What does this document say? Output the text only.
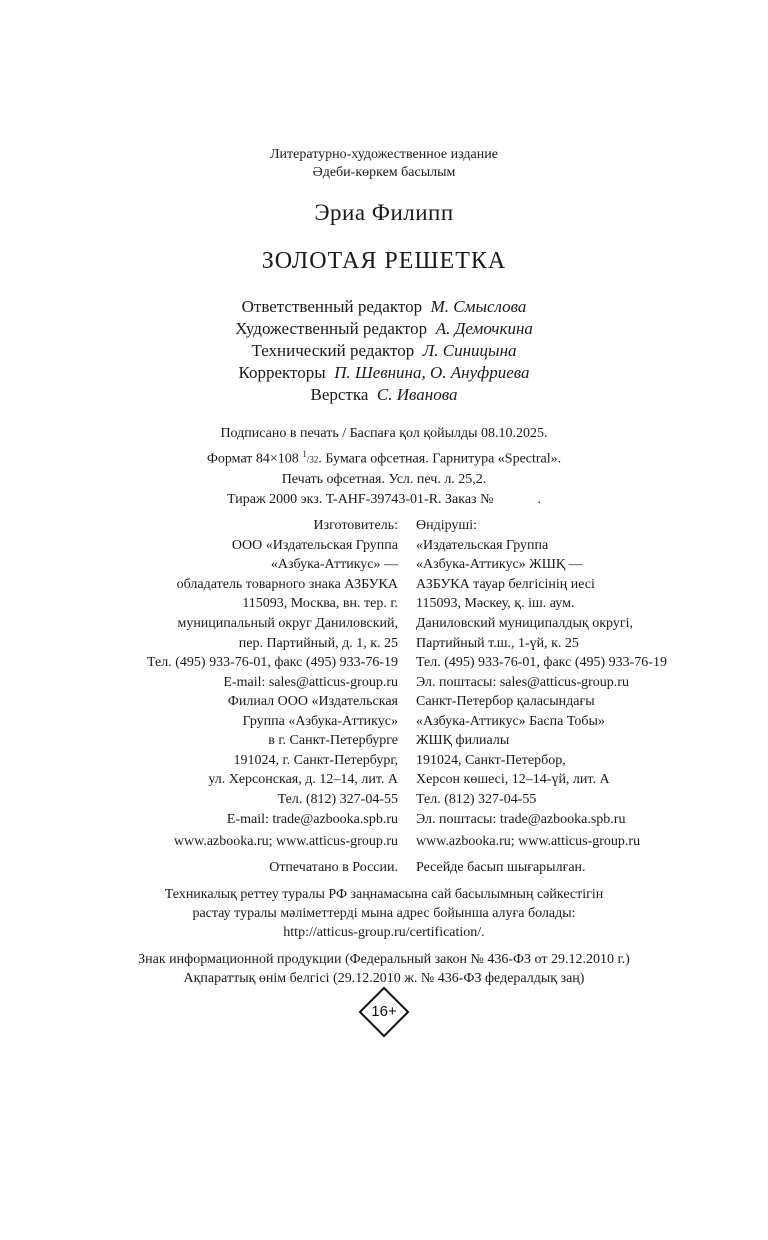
Литературно-художественное издание
Әдеби-көркем басылым
Эриа Филипп
ЗОЛОТАЯ РЕШЕТКА
Ответственный редактор М. Смыслова
Художественный редактор А. Демочкина
Технический редактор Л. Синицына
Корректоры П. Шевнина, О. Ануфриева
Верстка С. Иванова
Подписано в печать / Баспаға қол қойылды 08.10.2025.
Формат 84×108 $^1$/32. Бумага офсетная. Гарнитура «Spectral».
Печать офсетная. Усл. печ. л. 25,2.
Тираж 2000 экз. T-AHF-39743-01-R. Заказ №	.
Изготовитель:
ООО «Издательская Группа
«Азбука-Аттикус» —
обладатель товарного знака АЗБУКА
115093, Москва, вн. тер. г.
муниципальный округ Даниловский,
пер. Партийный, д. 1, к. 25
Тел. (495) 933-76-01, факс (495) 933-76-19
E-mail: sales@atticus-group.ru
Өндіруші:
«Издательская Группа
«Азбука-Аттикус» ЖШҚ —
АЗБУКА тауар белгісінің иесі
115093, Мәскеу, қ. іш. аум.
Даниловский муниципалдық округі,
Партийный т.ш., 1-үй, к. 25
Тел. (495) 933-76-01, факс (495) 933-76-19
Эл. поштасы: sales@atticus-group.ru
Филиал ООО «Издательская
Группа «Азбука-Аттикус»
в г. Санкт-Петербурге
191024, г. Санкт-Петербург,
ул. Херсонская, д. 12–14, лит. А
Тел. (812) 327-04-55
E-mail: trade@azbooka.spb.ru
Санкт-Петербор қаласындағы
«Азбука-Аттикус» Баспа Тобы»
ЖШҚ филиалы
191024, Санкт-Петербор,
Херсон көшесі, 12–14-үй, лит. А
Тел. (812) 327-04-55
Эл. поштасы: trade@azbooka.spb.ru
www.azbooka.ru; www.atticus-group.ru www.azbooka.ru; www.atticus-group.ru
Отпечатано в России. Ресейде басып шығарылған.
Техникалық реттеу туралы РФ заңнамасына сай басылымның сәйкестігін
растау туралы мәліметтерді мына адрес бойынша алуға болады:
http://atticus-group.ru/certification/.
Знак информационной продукции (Федеральный закон № 436-ФЗ от 29.12.2010 г.)
Ақпараттық өнім белгісі (29.12.2010 ж. № 436-ФЗ федералдық заң)
16+
